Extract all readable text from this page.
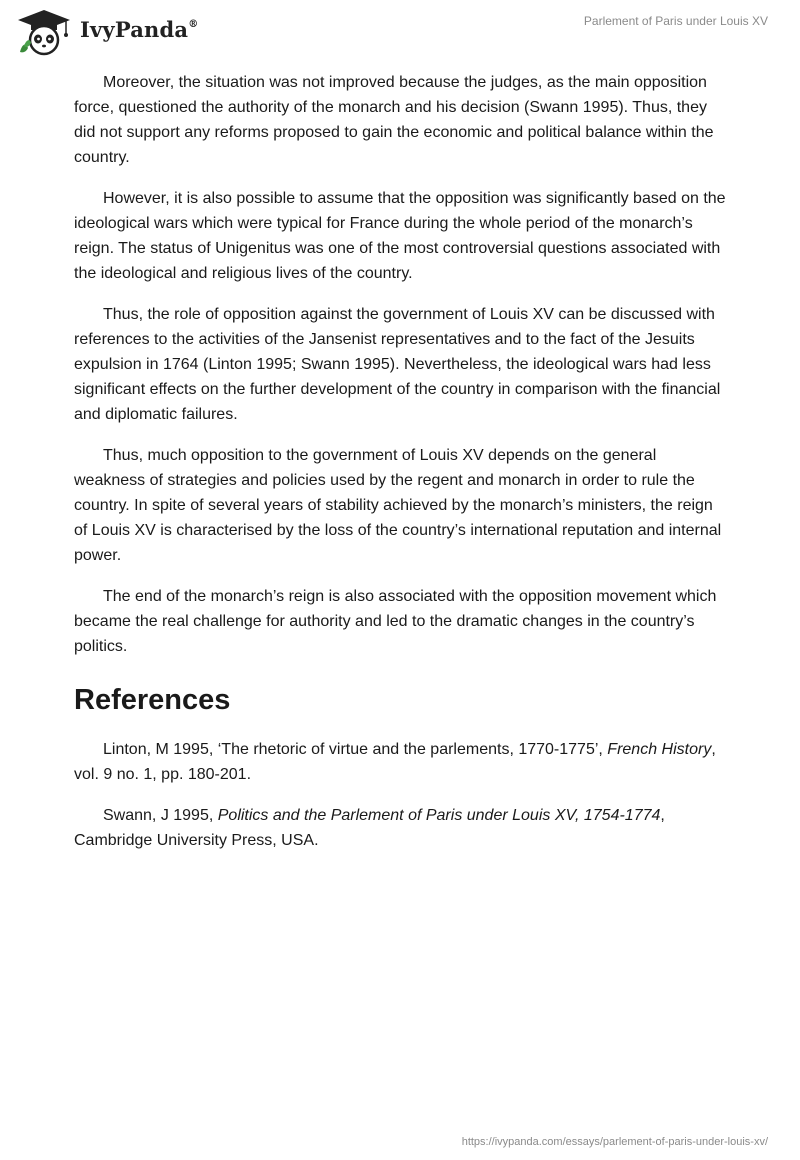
IvyPanda®	Parlement of Paris under Louis XV

Moreover, the situation was not improved because the judges, as the main opposition force, questioned the authority of the monarch and his decision (Swann 1995). Thus, they did not support any reforms proposed to gain the economic and political balance within the country.

However, it is also possible to assume that the opposition was significantly based on the ideological wars which were typical for France during the whole period of the monarch’s reign. The status of Unigenitus was one of the most controversial questions associated with the ideological and religious lives of the country.

Thus, the role of opposition against the government of Louis XV can be discussed with references to the activities of the Jansenist representatives and to the fact of the Jesuits expulsion in 1764 (Linton 1995; Swann 1995). Nevertheless, the ideological wars had less significant effects on the further development of the country in comparison with the financial and diplomatic failures.

Thus, much opposition to the government of Louis XV depends on the general weakness of strategies and policies used by the regent and monarch in order to rule the country. In spite of several years of stability achieved by the monarch’s ministers, the reign of Louis XV is characterised by the loss of the country’s international reputation and internal power.

The end of the monarch’s reign is also associated with the opposition movement which became the real challenge for authority and led to the dramatic changes in the country’s politics.

References

Linton, M 1995, ‘The rhetoric of virtue and the parlements, 1770-1775’, French History, vol. 9 no. 1, pp. 180-201.

Swann, J 1995, Politics and the Parlement of Paris under Louis XV, 1754-1774, Cambridge University Press, USA.

https://ivypanda.com/essays/parlement-of-paris-under-louis-xv/
